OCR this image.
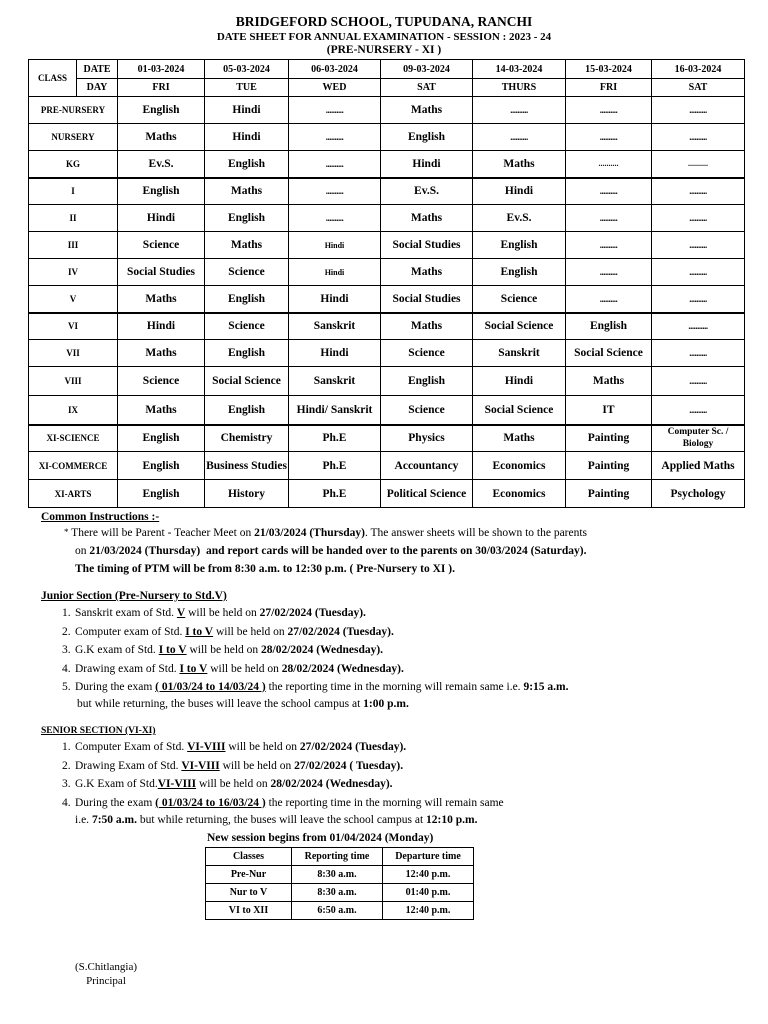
BRIDGEFORD SCHOOL, TUPUDANA, RANCHI
DATE SHEET FOR ANNUAL EXAMINATION - SESSION : 2023 - 24
(PRE-NURSERY - XI )
CLASS	DATE	01-03-2024	05-03-2024	06-03-2024	09-03-2024	14-03-2024	15-03-2024	16-03-2024
	DAY	FRI	TUE	WED	SAT	THURS	FRI	SAT
PRE-NURSERY		English	Hindi	..........	Maths	..........	..........	..........
NURSERY		Maths	Hindi	..........	English	..........	..........	..........
KG		Ev.S.	English	..........	Hindi	Maths	..........	..........
I		English	Maths	..........	Ev.S.	Hindi	..........	..........
II		Hindi	English	..........	Maths	Ev.S.	..........	..........
III		Science	Maths	Hindi	Social Studies	English	..........	..........
IV		Social Studies	Science	Hindi	Maths	English	..........	..........
V		Maths	English	Hindi	Social Studies	Science	..........	..........
VI		Hindi	Science	Sanskrit	Maths	Social Science	English	...........
VII		Maths	English	Hindi	Science	Sanskrit	Social Science	..........
VIII		Science	Social Science	Sanskrit	English	Hindi	Maths	..........
IX		Maths	English	Hindi/ Sanskrit	Science	Social Science	IT	..........
XI-SCIENCE		English	Chemistry	Ph.E	Physics	Maths	Painting	Computer Sc. / Biology
XI-COMMERCE		English	Business Studies	Ph.E	Accountancy	Economics	Painting	Applied Maths
XI-ARTS		English	History	Ph.E	Political Science	Economics	Painting	Psychology
Common Instructions :-
* There will be Parent - Teacher Meet on 21/03/2024 (Thursday). The answer sheets will be shown to the parents
on 21/03/2024 (Thursday) and report cards will be handed over to the parents on 30/03/2024 (Saturday).
The timing of PTM will be from 8:30 a.m. to 12:30 p.m. ( Pre-Nursery to XI ).
Junior Section (Pre-Nursery to Std.V)
1. Sanskrit exam of Std. V will be held on 27/02/2024 (Tuesday).
2. Computer exam of Std. I to V will be held on 27/02/2024 (Tuesday).
3. G.K exam of Std. I to V will be held on 28/02/2024 (Wednesday).
4. Drawing exam of Std. I to V will be held on 28/02/2024 (Wednesday).
5. During the exam ( 01/03/24 to 14/03/24 ) the reporting time in the morning will remain same i.e. 9:15 a.m.
but while returning, the buses will leave the school campus at 1:00 p.m.
SENIOR SECTION (VI-XI)
1. Computer Exam of Std. VI-VIII will be held on 27/02/2024 (Tuesday).
2. Drawing Exam of Std. VI-VIII will be held on 27/02/2024 ( Tuesday).
3. G.K Exam of Std.VI-VIII will be held on 28/02/2024 (Wednesday).
4. During the exam ( 01/03/24 to 16/03/24 ) the reporting time in the morning will remain same
i.e. 7:50 a.m. but while returning, the buses will leave the school campus at 12:10 p.m.
New session begins from 01/04/2024 (Monday)
Classes	Reporting time	Departure time
Pre-Nur	8:30 a.m.	12:40 p.m.
Nur to V	8:30 a.m.	01:40 p.m.
VI to XII	6:50 a.m.	12:40 p.m.
(S.Chitlangia)
Principal
